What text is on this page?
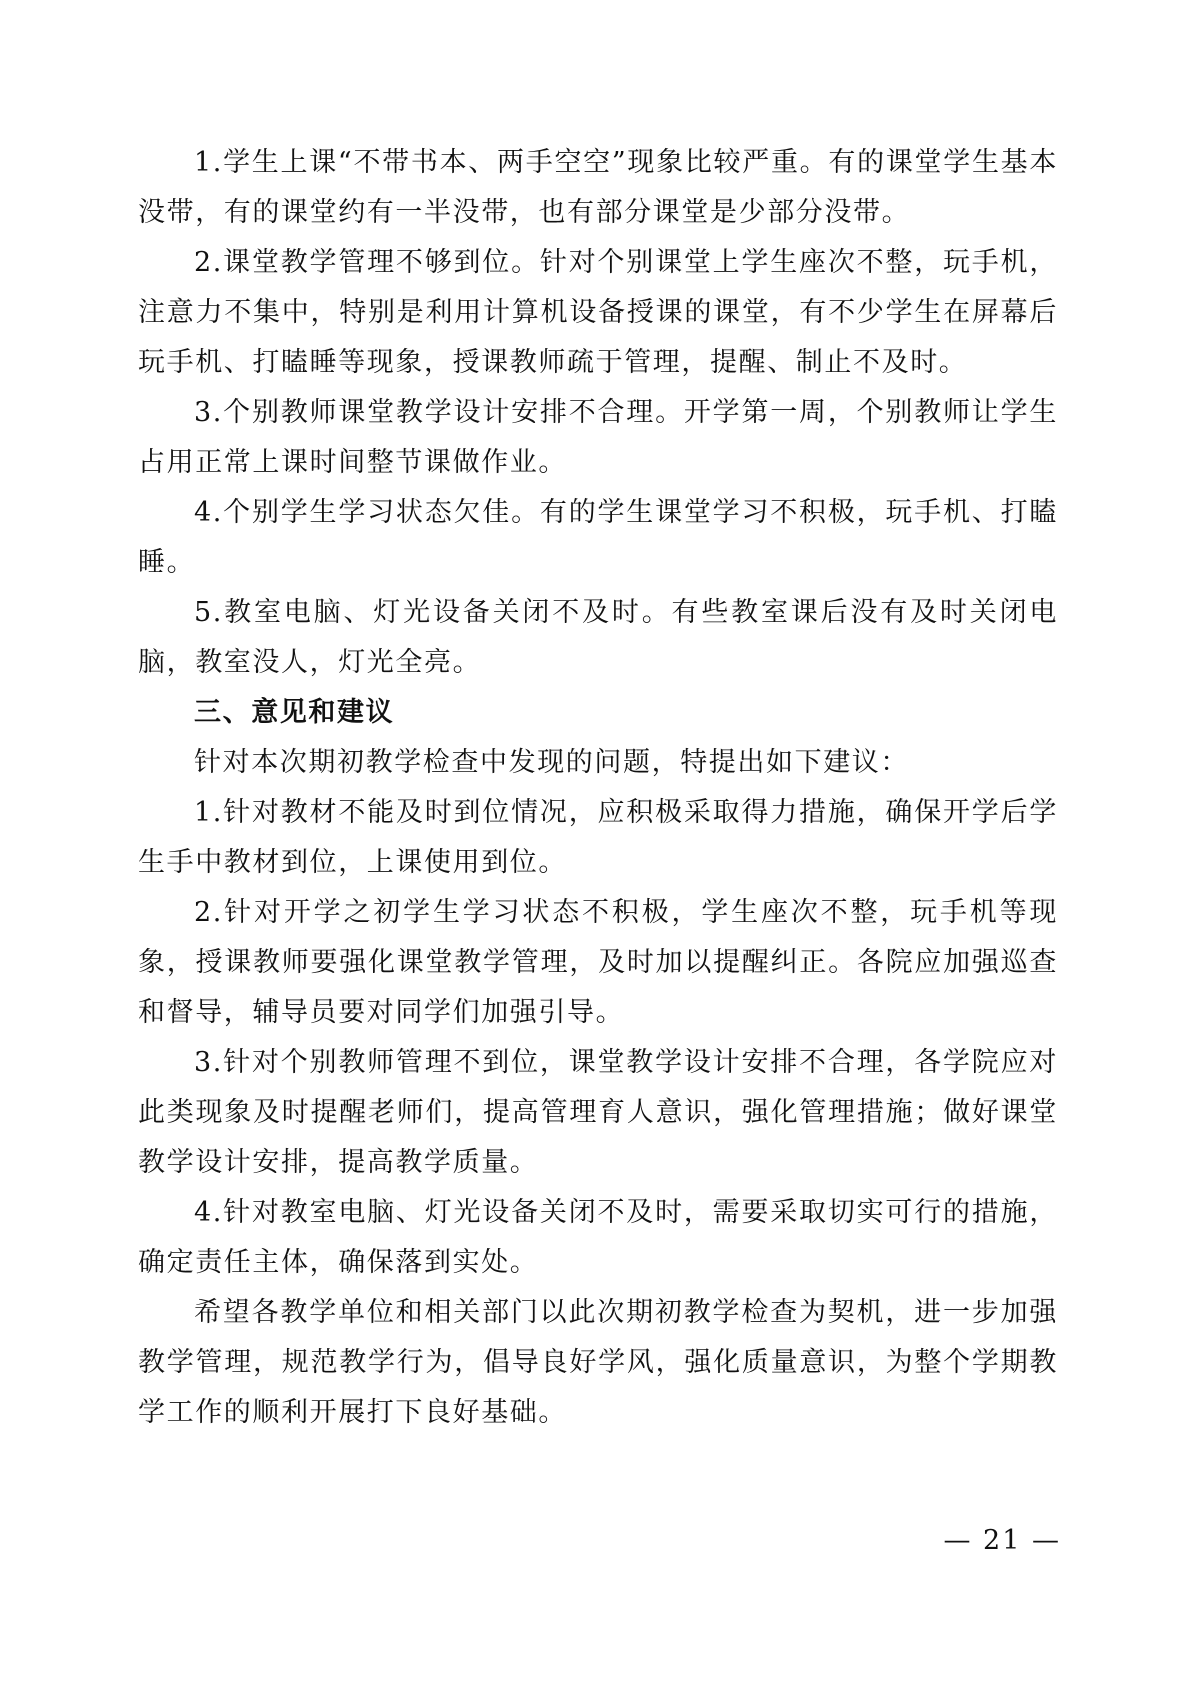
1.学生上课“不带书本、两手空空”现象比较严重。有的课堂学生基本没带，有的课堂约有一半没带，也有部分课堂是少部分没带。

2.课堂教学管理不够到位。针对个别课堂上学生座次不整，玩手机，注意力不集中，特别是利用计算机设备授课的课堂，有不少学生在屏幕后玩手机、打瞌睡等现象，授课教师疏于管理，提醒、制止不及时。

3.个别教师课堂教学设计安排不合理。开学第一周，个别教师让学生占用正常上课时间整节课做作业。

4.个别学生学习状态欠佳。有的学生课堂学习不积极，玩手机、打瞌睡。

5.教室电脑、灯光设备关闭不及时。有些教室课后没有及时关闭电脑，教室没人，灯光全亮。

三、意见和建议

针对本次期初教学检查中发现的问题，特提出如下建议：

1.针对教材不能及时到位情况，应积极采取得力措施，确保开学后学生手中教材到位，上课使用到位。

2.针对开学之初学生学习状态不积极，学生座次不整，玩手机等现象，授课教师要强化课堂教学管理，及时加以提醒纠正。各院应加强巡查和督导，辅导员要对同学们加强引导。

3.针对个别教师管理不到位，课堂教学设计安排不合理，各学院应对此类现象及时提醒老师们，提高管理育人意识，强化管理措施；做好课堂教学设计安排，提高教学质量。

4.针对教室电脑、灯光设备关闭不及时，需要采取切实可行的措施，确定责任主体，确保落到实处。

希望各教学单位和相关部门以此次期初教学检查为契机，进一步加强教学管理，规范教学行为，倡导良好学风，强化质量意识，为整个学期教学工作的顺利开展打下良好基础。

— 21 —
